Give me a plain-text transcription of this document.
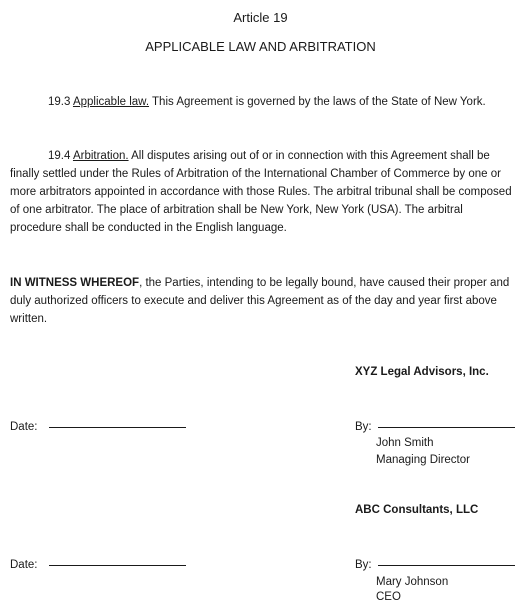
Article 19
APPLICABLE LAW AND ARBITRATION
19.3 Applicable law. This Agreement is governed by the laws of the State of New York.
19.4 Arbitration. All disputes arising out of or in connection with this Agreement shall be finally settled under the Rules of Arbitration of the International Chamber of Commerce by one or more arbitrators appointed in accordance with those Rules. The arbitral tribunal shall be composed of one arbitrator. The place of arbitration shall be New York, New York (USA). The arbitral procedure shall be conducted in the English language.
IN WITNESS WHEREOF, the Parties, intending to be legally bound, have caused their proper and duly authorized officers to execute and deliver this Agreement as of the day and year first above written.
XYZ Legal Advisors, Inc.
Date:	By:
John Smith
Managing Director
ABC Consultants, LLC
Date:	By:
Mary Johnson
CEO
